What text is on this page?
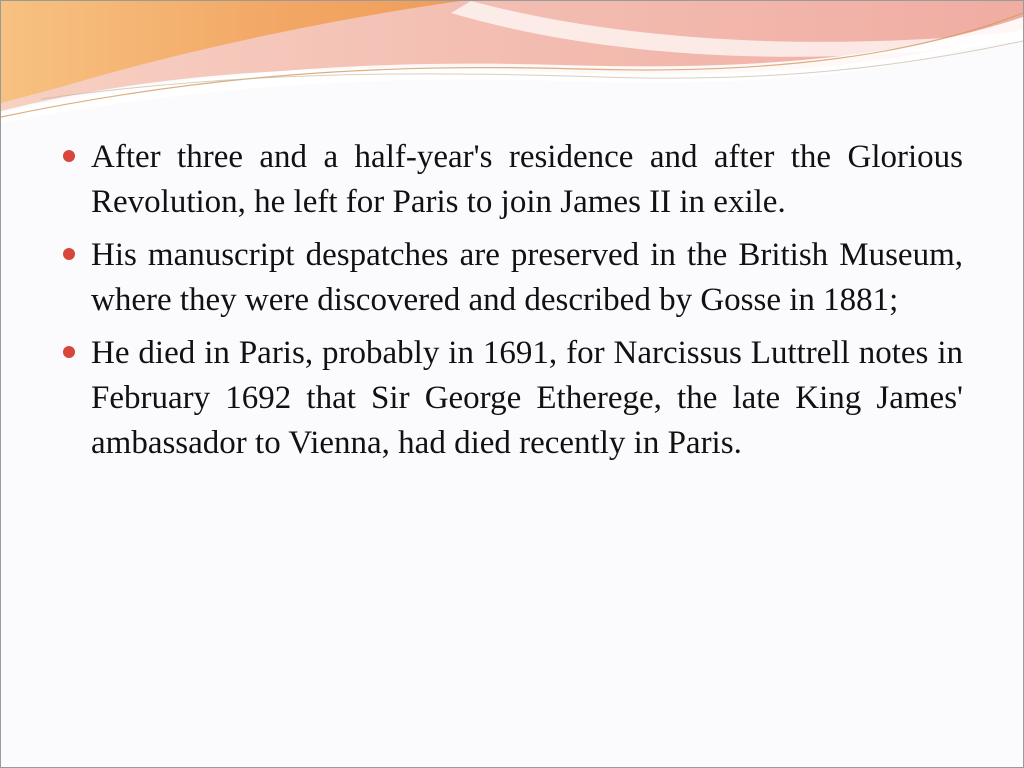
After three and a half-year's residence and after the Glorious Revolution, he left for Paris to join James II in exile.
His manuscript despatches are preserved in the British Museum, where they were discovered and described by Gosse in 1881;
He died in Paris, probably in 1691, for Narcissus Luttrell notes in February 1692 that Sir George Etherege, the late King James' ambassador to Vienna, had died recently in Paris.
